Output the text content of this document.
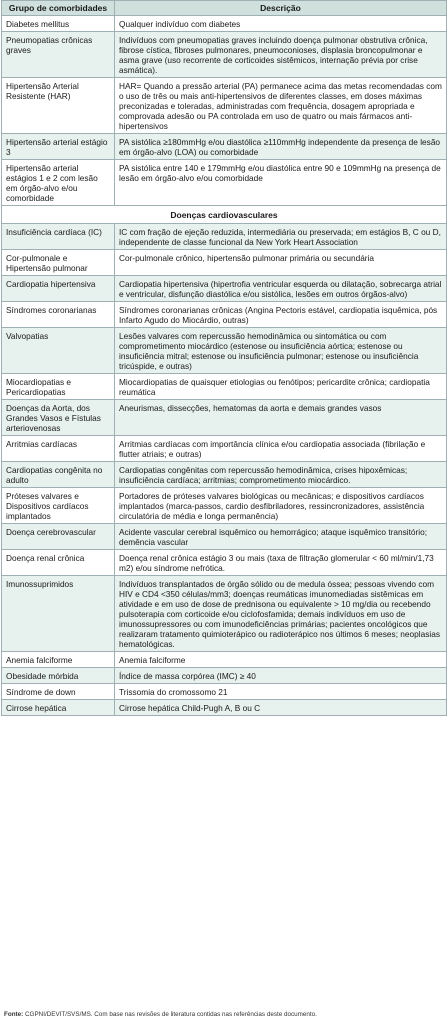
Grupo de comorbidades	Descrição
Diabetes mellitus	Qualquer indivíduo com diabetes
Pneumopatias crônicas graves	Indivíduos com pneumopatias graves incluindo doença pulmonar obstrutiva crônica, fibrose cística, fibroses pulmonares, pneumoconioses, displasia broncopulmonar e asma grave (uso recorrente de corticoides sistêmicos, internação prévia por crise asmática).
Hipertensão Arterial Resistente (HAR)	HAR= Quando a pressão arterial (PA) permanece acima das metas recomendadas com o uso de três ou mais anti-hipertensivos de diferentes classes, em doses máximas preconizadas e toleradas, administradas com frequência, dosagem apropriada e comprovada adesão ou PA controlada em uso de quatro ou mais fármacos anti-hipertensivos
Hipertensão arterial estágio 3	PA sistólica ≥180mmHg e/ou diastólica ≥110mmHg independente da presença de lesão em órgão-alvo (LOA) ou comorbidade
Hipertensão arterial estágios 1 e 2 com lesão em órgão-alvo e/ou comorbidade	PA sistólica entre 140 e 179mmHg e/ou diastólica entre 90 e 109mmHg na presença de lesão em órgão-alvo e/ou comorbidade
Doenças cardiovasculares	
Insuficiência cardíaca (IC)	IC com fração de ejeção reduzida, intermediária ou preservada; em estágios B, C ou D, independente de classe funcional da New York Heart Association
Cor-pulmonale e Hipertensão pulmonar	Cor-pulmonale crônico, hipertensão pulmonar primária ou secundária
Cardiopatia hipertensiva	Cardiopatia hipertensiva (hipertrofia ventricular esquerda ou dilatação, sobrecarga atrial e ventricular, disfunção diastólica e/ou sistólica, lesões em outros órgãos-alvo)
Síndromes coronarianas	Síndromes coronarianas crônicas (Angina Pectoris estável, cardiopatia isquêmica, pós Infarto Agudo do Miocárdio, outras)
Valvopatias	Lesões valvares com repercussão hemodinâmica ou sintomática ou com comprometimento miocárdico (estenose ou insuficiência aórtica; estenose ou insuficiência mitral; estenose ou insuficiência pulmonar; estenose ou insuficiência tricúspide, e outras)
Miocardiopatias e Pericardiopatias	Miocardiopatias de quaisquer etiologias ou fenótipos; pericardite crônica; cardiopatia reumática
Doenças da Aorta, dos Grandes Vasos e Fístulas arteriovenosas	Aneurismas, dissecções, hematomas da aorta e demais grandes vasos
Arritmias cardíacas	Arritmias cardíacas com importância clínica e/ou cardiopatia associada (fibrilação e flutter atriais; e outras)
Cardiopatias congênita no adulto	Cardiopatias congênitas com repercussão hemodinâmica, crises hipoxêmicas; insuficiência cardíaca; arritmias; comprometimento miocárdico.
Próteses valvares e Dispositivos cardíacos implantados	Portadores de próteses valvares biológicas ou mecânicas; e dispositivos cardíacos implantados (marca-passos, cardio desfibriladores, ressincronizadores, assistência circulatória de média e longa permanência)
Doença cerebrovascular	Acidente vascular cerebral isquêmico ou hemorrágico; ataque isquêmico transitório; demência vascular
Doença renal crônica	Doença renal crônica estágio 3 ou mais (taxa de filtração glomerular < 60 ml/min/1,73 m2) e/ou síndrome nefrótica.
Imunossuprimidos	Indivíduos transplantados de órgão sólido ou de medula óssea; pessoas vivendo com HIV e CD4 <350 células/mm3; doenças reumáticas imunomediadas sistêmicas em atividade e em uso de dose de prednisona ou equivalente > 10 mg/dia ou recebendo pulsoterapia com corticoide e/ou ciclofosfamida; demais indivíduos em uso de imunossupressores ou com imunodeficiências primárias; pacientes oncológicos que realizaram tratamento quimioterápico ou radioterápico nos últimos 6 meses; neoplasias hematológicas.
Anemia falciforme	Anemia falciforme
Obesidade mórbida	Índice de massa corpórea (IMC) ≥ 40
Síndrome de down	Trissomia do cromossomo 21
Cirrose hepática	Cirrose hepática Child-Pugh A, B ou C
Fonte: CGPNI/DEVIT/SVS/MS. Com base nas revisões de literatura contidas nas referências deste documento.
